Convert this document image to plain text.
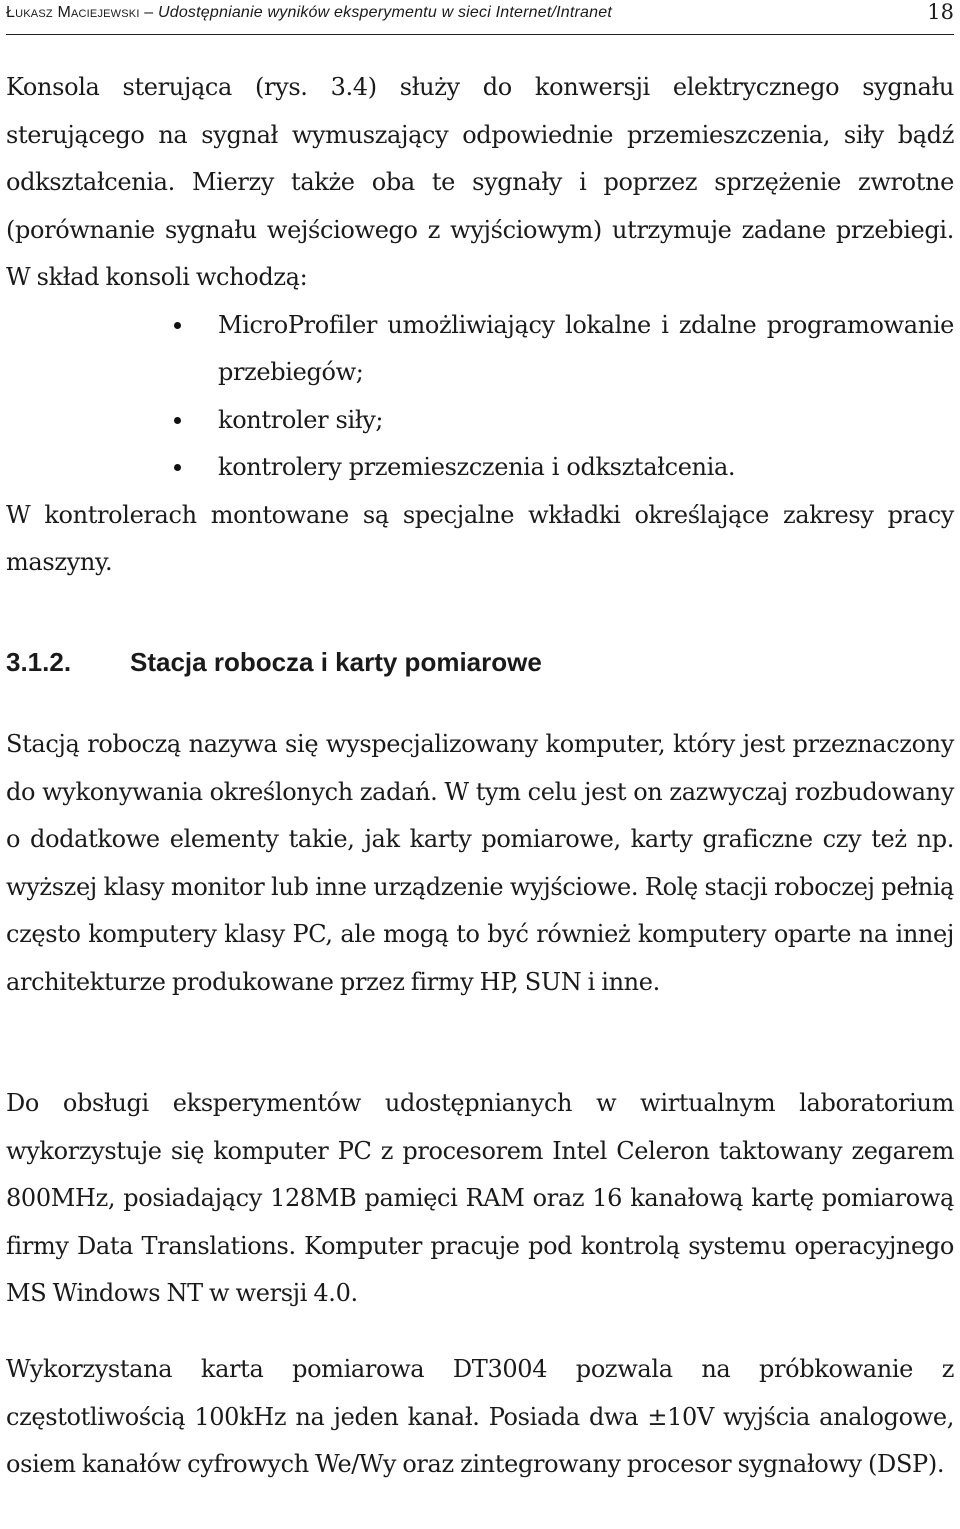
Łukasz Maciejewski – Udostępnianie wyników eksperymentu w sieci Internet/Intranet	18

Konsola sterująca (rys. 3.4) służy do konwersji elektrycznego sygnału sterującego na sygnał wymuszający odpowiednie przemieszczenia, siły bądź odkształcenia. Mierzy także oba te sygnały i poprzez sprzężenie zwrotne (porównanie sygnału wejściowego z wyjściowym) utrzymuje zadane przebiegi. W skład konsoli wchodzą:

MicroProfiler umożliwiający lokalne i zdalne programowanie przebiegów;
kontroler siły;
kontrolery przemieszczenia i odkształcenia.

W kontrolerach montowane są specjalne wkładki określające zakresy pracy maszyny.

3.1.2. Stacja robocza i karty pomiarowe

Stacją roboczą nazywa się wyspecjalizowany komputer, który jest przeznaczony do wykonywania określonych zadań. W tym celu jest on zazwyczaj rozbudowany o dodatkowe elementy takie, jak karty pomiarowe, karty graficzne czy też np. wyższej klasy monitor lub inne urządzenie wyjściowe. Rolę stacji roboczej pełnią często komputery klasy PC, ale mogą to być również komputery oparte na innej architekturze produkowane przez firmy HP, SUN i inne.

Do obsługi eksperymentów udostępnianych w wirtualnym laboratorium wykorzystuje się komputer PC z procesorem Intel Celeron taktowany zegarem 800MHz, posiadający 128MB pamięci RAM oraz 16 kanałową kartę pomiarową firmy Data Translations. Komputer pracuje pod kontrolą systemu operacyjnego MS Windows NT w wersji 4.0.

Wykorzystana karta pomiarowa DT3004 pozwala na próbkowanie z częstotliwością 100kHz na jeden kanał. Posiada dwa ±10V wyjścia analogowe, osiem kanałów cyfrowych We/Wy oraz zintegrowany procesor sygnałowy (DSP).
